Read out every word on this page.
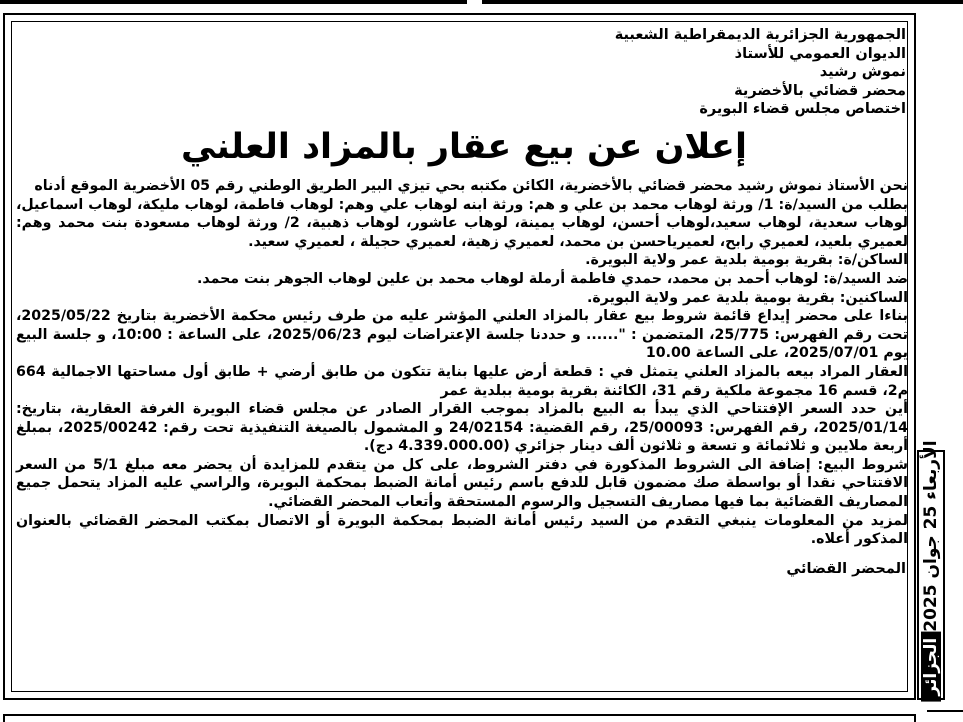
الجمهورية الجزائرية الديمقراطية الشعبية
الديوان العمومي للأستاذ
نموش رشيد
محضر قضائي بالأخضرية
اختصاص مجلس قضاء البويرة
إعلان عن بيع عقار بالمزاد العلني

نحن الأستاذ نموش رشيد محضر قضائي بالأخضرية، الكائن مكتبه بحي تيزي البير الطريق الوطني رقم 05 الأخضرية الموقع أدناه

بطلب من السيد/ة: 1/ ورثة لوهاب محمد بن علي و هم: ورثة ابنه لوهاب علي وهم: لوهاب فاطمة، لوهاب مليكة، لوهاب اسماعيل، لوهاب سعدية، لوهاب سعيد،لوهاب أحسن، لوهاب يمينة، لوهاب عاشور، لوهاب ذهبية، 2/ ورثة لوهاب مسعودة بنت محمد وهم: لعميري بلعيد، لعميري رابح، لعميرياحسن بن محمد، لعميري زهية، لعميري حجيلة ، لعميري سعيد.

الساكن/ة: بقرية بومية بلدية عمر ولاية البويرة.

ضد السيد/ة: لوهاب أحمد بن محمد، حمدي فاطمة أرملة لوهاب محمد بن علين لوهاب الجوهر بنت محمد.

الساكنين: بقرية بومية بلدية عمر ولاية البويرة.

بناءا على محضر إيداع قائمة شروط بيع عقار بالمزاد العلني المؤشر عليه من طرف رئيس محكمة الأخضرية بتاريخ 2025/05/22، تحت رقم الفهرس: 25/775، المتضمن : "...... و حددنا جلسة الإعتراضات ليوم 2025/06/23، على الساعة : 10:00، و جلسة البيع يوم 2025/07/01، على الساعة 10.00

العقار المراد بيعه بالمزاد العلني يتمثل في : قطعة أرض عليها بناية تتكون من طابق أرضي + طابق أول مساحتها الاجمالية 664 م2، قسم 16 مجموعة ملكية رقم 31، الكائنة بقرية بومية ببلدية عمر

أين حدد السعر الإفتتاحي الذي يبدأ به البيع بالمزاد بموجب القرار الصادر عن مجلس قضاء البويرة الغرفة العقارية، بتاريخ: 2025/01/14، رقم الفهرس: 25/00093، رقم القضية: 24/02154 و المشمول بالصيغة التنفيذية تحت رقم: 2025/00242، بمبلغ أربعة ملايين و ثلاثمائة و تسعة و ثلاثون ألف دينار جزائري (4.339.000.00 دج).

شروط البيع: إضافة الى الشروط المذكورة في دفتر الشروط، على كل من يتقدم للمزايدة أن يحضر معه مبلغ 5/1 من السعر الافتتاحي نقدا أو بواسطة صك مضمون قابل للدفع باسم رئيس أمانة الضبط بمحكمة البويرة، والراسي عليه المزاد يتحمل جميع المصاريف القضائية بما فيها مصاريف التسجيل والرسوم المستحقة وأتعاب المحضر القضائي.

لمزيد من المعلومات ينبغي التقدم من السيد رئيس أمانة الضبط بمحكمة البويرة أو الاتصال بمكتب المحضر القضائي بالعنوان المذكور أعلاه.

المحضر القضائي
الأربعاء 25 جوان 2025الجزائر
